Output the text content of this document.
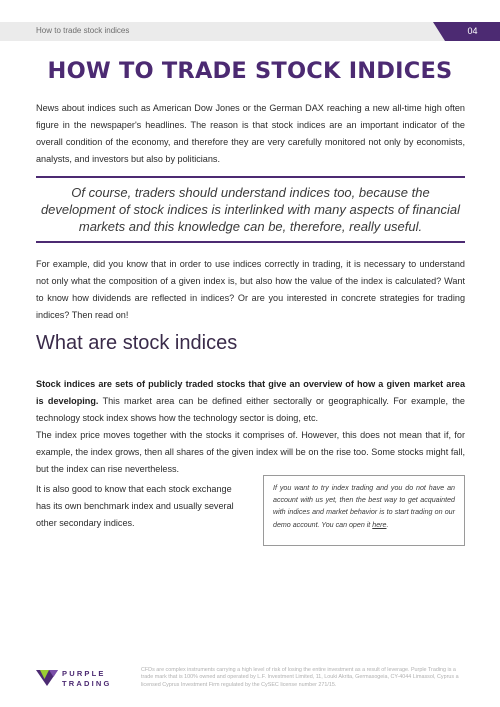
How to trade stock indices	04
HOW TO TRADE STOCK INDICES

News about indices such as American Dow Jones or the German DAX reaching a new all-time high often figure in the newspaper's headlines. The reason is that stock indices are an important indicator of the overall condition of the economy, and therefore they are very carefully monitored not only by economists, analysts, and investors but also by politicians.

Of course, traders should understand indices too, because the development of stock indices is interlinked with many aspects of financial markets and this knowledge can be, therefore, really useful.

For example, did you know that in order to use indices correctly in trading, it is necessary to understand not only what the composition of a given index is, but also how the value of the index is calculated? Want to know how dividends are reflected in indices? Or are you interested in concrete strategies for trading indices? Then read on!

What are stock indices

Stock indices are sets of publicly traded stocks that give an overview of how a given market area is developing. This market area can be defined either sectorally or geographically. For example, the technology stock index shows how the technology sector is doing, etc.

The index price moves together with the stocks it comprises of. However, this does not mean that if, for example, the index grows, then all shares of the given index will be on the rise too. Some stocks might fall, but the index can rise nevertheless.

It is also good to know that each stock exchange has its own benchmark index and usually several other secondary indices.

If you want to try index trading and you do not have an account with us yet, then the best way to get acquainted with indices and market behavior is to start trading on our demo account. You can open it here.
PURPLE
TRADING

CFDs are complex instruments carrying a high level of risk of losing the entire investment as a result of leverage. Purple Trading is a trade mark that is 100% owned and operated by L.F. Investment Limited, 11, Louki Akrita, Germasogeia, CY-4044 Limassol, Cyprus a licensed Cyprus Investment Firm regulated by the CySEC license number 271/15.
